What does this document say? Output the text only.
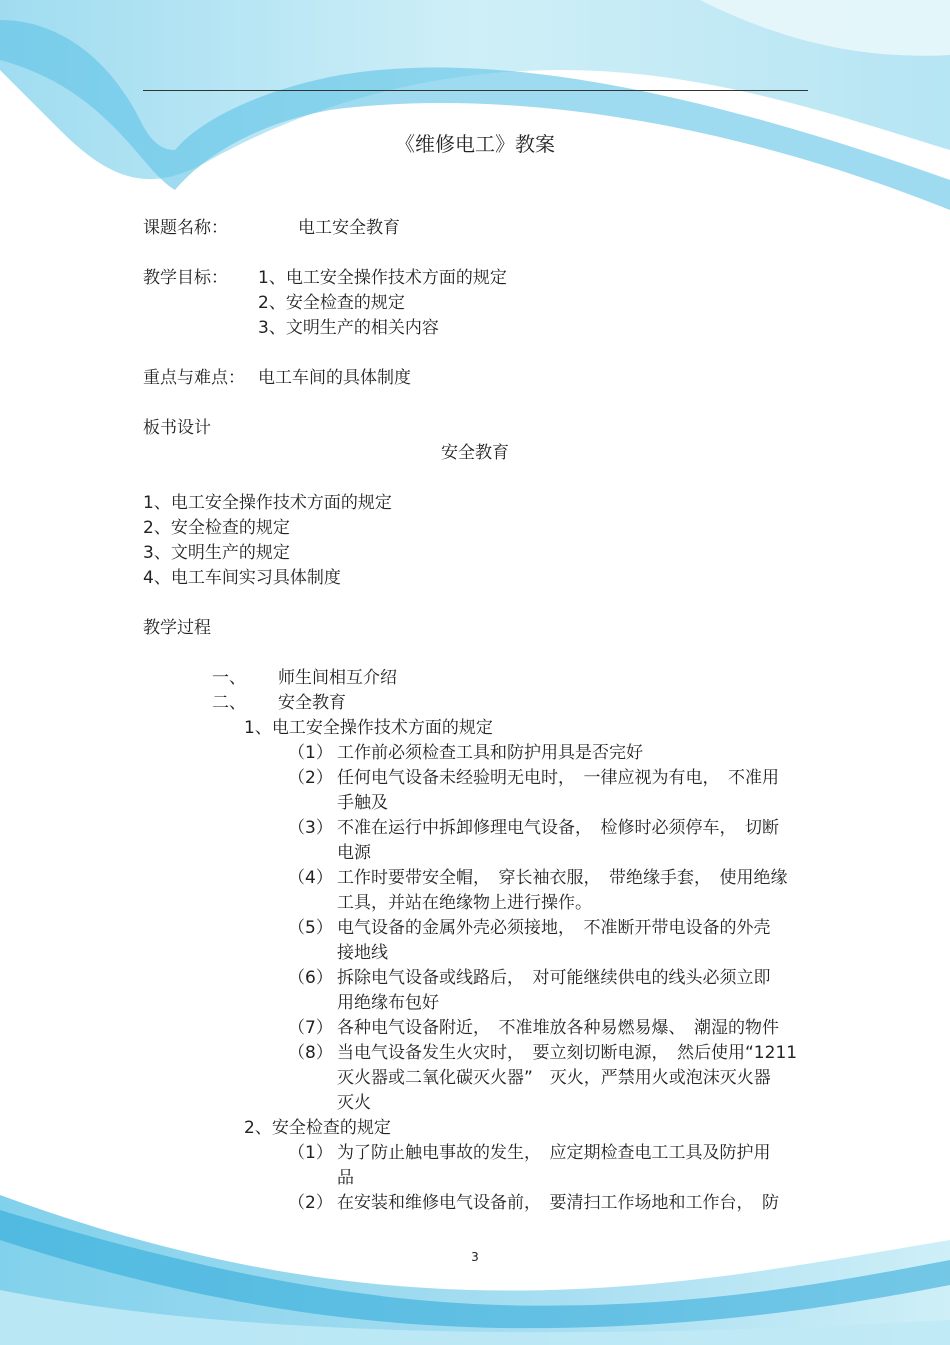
《维修电工》教案
课题名称：	电工安全教育
教学目标： 1、电工安全操作技术方面的规定
2、安全检查的规定
3、文明生产的相关内容
重点与难点： 电工车间的具体制度
板书设计
安全教育
1、电工安全操作技术方面的规定
2、安全检查的规定
3、文明生产的规定
4、电工车间实习具体制度
教学过程
一、 师生间相互介绍
二、 安全教育
1、电工安全操作技术方面的规定
（1） 工作前必须检查工具和防护用具是否完好
（2） 任何电气设备未经验明无电时，　一律应视为有电，　不准用
手触及
（3） 不准在运行中拆卸修理电气设备，　检修时必须停车，　切断
电源
（4） 工作时要带安全帽，　穿长袖衣服，　带绝缘手套，　使用绝缘
工具，并站在绝缘物上进行操作。
（5） 电气设备的金属外壳必须接地，　不准断开带电设备的外壳
接地线
（6） 拆除电气设备或线路后，　对可能继续供电的线头必须立即
用绝缘布包好
（7） 各种电气设备附近，　不准堆放各种易燃易爆、　潮湿的物件
（8） 当电气设备发生火灾时，　要立刻切断电源，　然后使用“1211
灭火器或二氧化碳灭火器”　灭火，严禁用火或泡沫灭火器
灭火
2、安全检查的规定
（1） 为了防止触电事故的发生，　应定期检查电工工具及防护用
品
（2） 在安装和维修电气设备前，　要清扫工作场地和工作台，　防
3
